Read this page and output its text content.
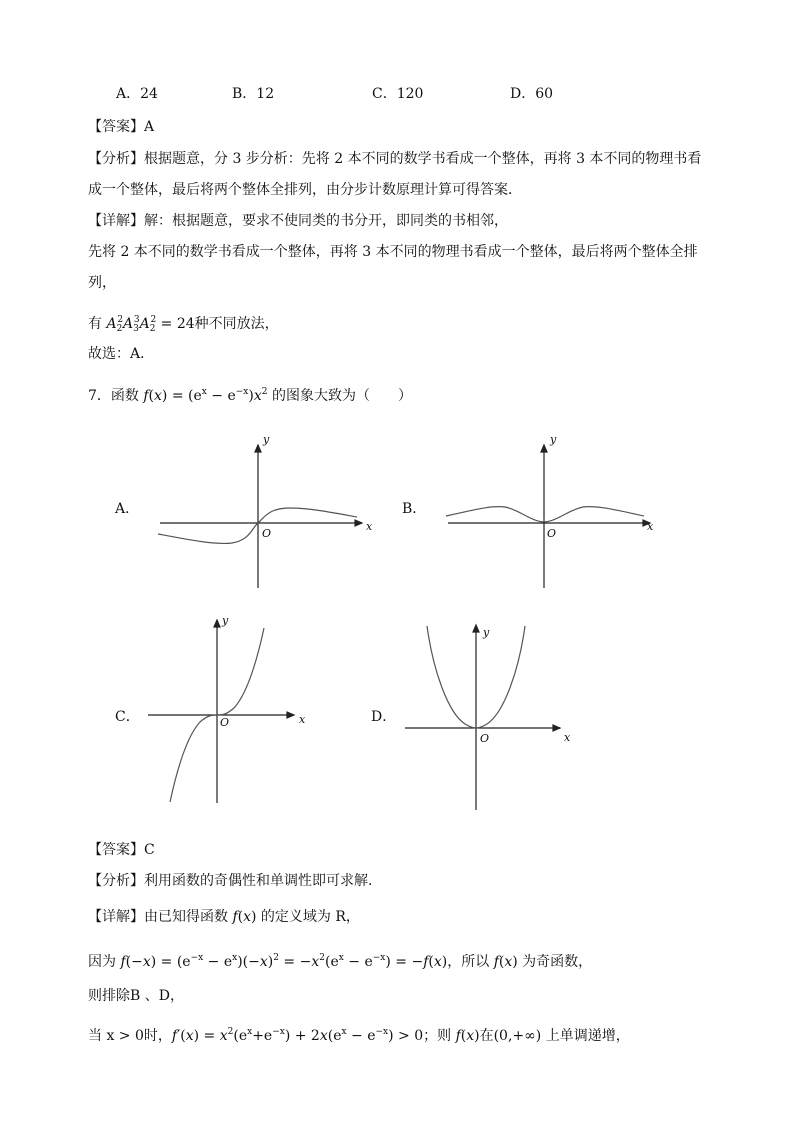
A．24	B．12	C．120	D．60
【答案】A
【分析】根据题意，分 3 步分析：先将 2 本不同的数学书看成一个整体，再将 3 本不同的物理书看
成一个整体，最后将两个整体全排列，由分步计数原理计算可得答案．
【详解】解：根据题意，要求不使同类的书分开，即同类的书相邻，
先将 2 本不同的数学书看成一个整体，再将 3 本不同的物理书看成一个整体，最后将两个整体全排
列，
有 $A_2^2A_3^3A_2^2 = 24$种不同放法，
故选：A．
7．函数 $f(x) = (e^x - e^{-x})x^2$ 的图象大致为（　　）
A．	B．
C．	D．
x
y
O
x
y
O
x
y
O
x
y
O
【答案】C
【分析】利用函数的奇偶性和单调性即可求解.
【详解】由已知得函数 f(x) 的定义域为 R，
因为 $f(-x) = (e^{-x} - e^x)(-x)^2 = -x^2(e^x - e^{-x}) = -f(x)$，所以 f(x) 为奇函数，
则排除B 、D，
当 x > 0时，$f'(x) = x^2(e^x+e^{-x}) + 2x(e^x - e^{-x}) > 0$；则 f(x)在(0,+∞) 上单调递增，
